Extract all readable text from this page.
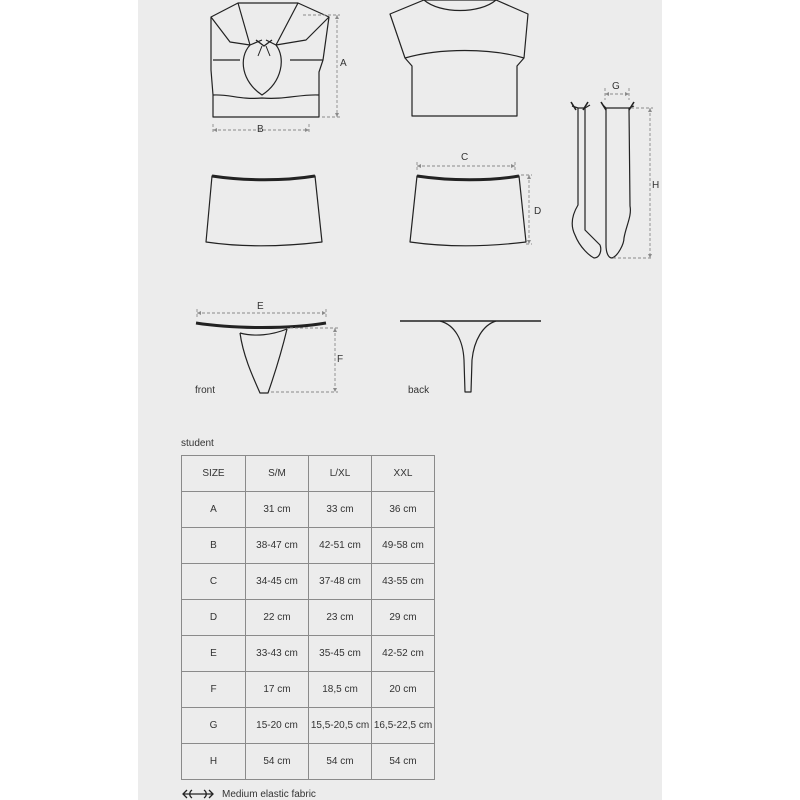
A
B
C
D
E
F
G
H
front	back
student
SIZE	S/M	L/XL	XXL
A	31 cm	33 cm	36 cm
B	38-47 cm	42-51 cm	49-58 cm
C	34-45 cm	37-48 cm	43-55 cm
D	22 cm	23 cm	29 cm
E	33-43 cm	35-45 cm	42-52 cm
F	17 cm	18,5 cm	20 cm
G	15-20 cm	15,5-20,5 cm	16,5-22,5 cm
H	54 cm	54 cm	54 cm
Medium elastic fabric
